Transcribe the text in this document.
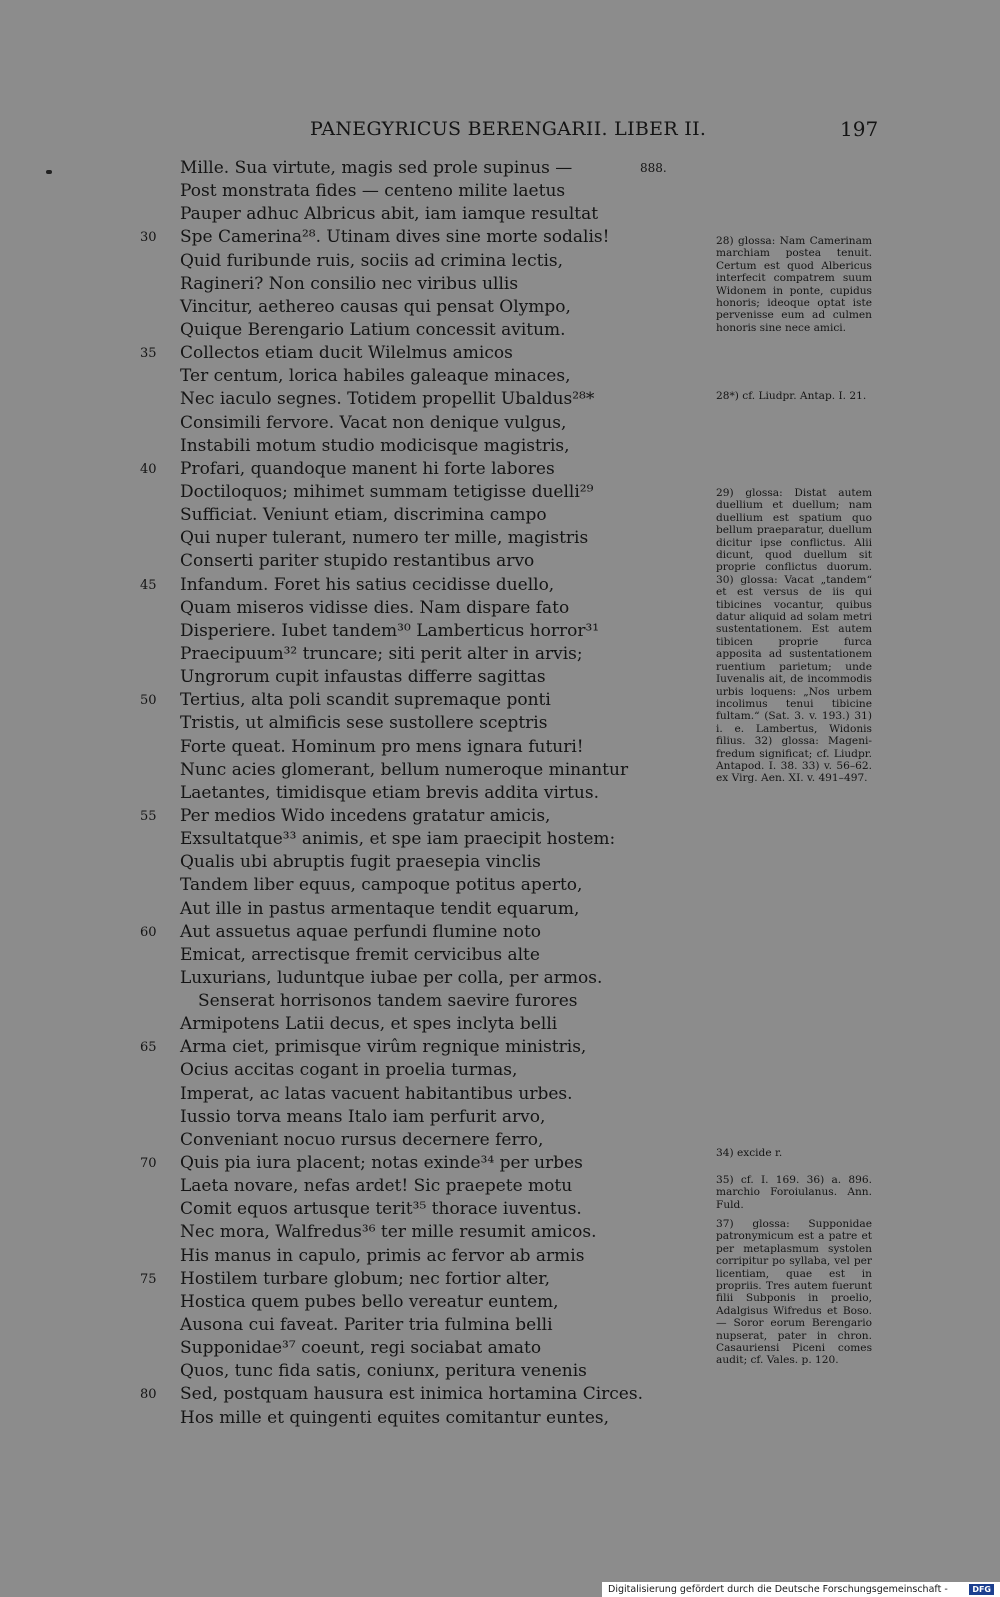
PANEGYRICUS BERENGARII. LIBER II.	197
Mille. Sua virtute, magis sed prole supinus —	888.
Post monstrata fides — centeno milite laetus
Pauper adhuc Albricus abit, iam iamque resultat
30	Spe Camerina²⁸. Utinam dives sine morte sodalis!
Quid furibunde ruis, sociis ad crimina lectis,
Ragineri? Non consilio nec viribus ullis
Vincitur, aethereo causas qui pensat Olympo,
Quique Berengario Latium concessit avitum.
35	Collectos etiam ducit Wilelmus amicos
Ter centum, lorica habiles galeaque minaces,
Nec iaculo segnes. Totidem propellit Ubaldus²⁸*
Consimili fervore. Vacat non denique vulgus,
Instabili motum studio modicisque magistris,
40	Profari, quandoque manent hi forte labores
Doctiloquos; mihimet summam tetigisse duelli²⁹
Sufficiat. Veniunt etiam, discrimina campo
Qui nuper tulerant, numero ter mille, magistris
Conserti pariter stupido restantibus arvo
45	Infandum. Foret his satius cecidisse duello,
Quam miseros vidisse dies. Nam dispare fato
Disperiere. Iubet tandem³⁰ Lamberticus horror³¹
Praecipuum³² truncare; siti perit alter in arvis;
Ungrorum cupit infaustas differre sagittas
50	Tertius, alta poli scandit supremaque ponti
Tristis, ut almificis sese sustollere sceptris
Forte queat. Hominum pro mens ignara futuri!
Nunc acies glomerant, bellum numeroque minantur
Laetantes, timidisque etiam brevis addita virtus.
55	Per medios Wido incedens gratatur amicis,
Exsultatque³³ animis, et spe iam praecipit hostem:
Qualis ubi abruptis fugit praesepia vinclis
Tandem liber equus, campoque potitus aperto,
Aut ille in pastus armentaque tendit equarum,
60	Aut assuetus aquae perfundi flumine noto
Emicat, arrectisque fremit cervicibus alte
Luxurians, luduntque iubae per colla, per armos.
Senserat horrisonos tandem saevire furores
Armipotens Latii decus, et spes inclyta belli
65	Arma ciet, primisque virûm regnique ministris,
Ocius accitas cogant in proelia turmas,
Imperat, ac latas vacuent habitantibus urbes.
Iussio torva means Italo iam perfurit arvo,
Conveniant nocuo rursus decernere ferro,
70	Quis pia iura placent; notas exinde³⁴ per urbes
Laeta novare, nefas ardet! Sic praepete motu
Comit equos artusque terit³⁵ thorace iuventus.
Nec mora, Walfredus³⁶ ter mille resumit amicos.
His manus in capulo, primis ac fervor ab armis
75	Hostilem turbare globum; nec fortior alter,
Hostica quem pubes bello vereatur euntem,
Ausona cui faveat. Pariter tria fulmina belli
Supponidae³⁷ coeunt, regi sociabat amato
Quos, tunc fida satis, coniunx, peritura venenis
80	Sed, postquam hausura est inimica hortamina Circes.
Hos mille et quingenti equites comitantur euntes,
28) glossa: Nam Camerinam marchiam postea tenuit. Certum est quod Albericus interfecit compatrem suum Widonem in ponte, cupidus honoris; ideoque optat iste pervenisse eum ad culmen honoris sine nece amici.
28*) cf. Liudpr. Antap. I. 21.
29) glossa: Distat autem duellium et duellum; nam duellium est spatium quo bellum praeparatur, duellum dicitur ipse conflictus. Alii dicunt, quod duellum sit proprie conflictus duorum. 30) glossa: Vacat „tandem“ et est versus de iis qui tibicines vocantur, quibus datur aliquid ad solam metri sustentationem. Est autem tibicen proprie furca apposita ad sustentationem ruentium parietum; unde Iuvenalis ait, de incommodis urbis loquens: „Nos urbem incolimus tenui tibicine fultam.“ (Sat. 3. v. 193.) 31) i. e. Lambertus, Widonis filius. 32) glossa: Magenifredum significat; cf. Liudpr. Antapod. I. 38. 33) v. 56–62. ex Virg. Aen. XI. v. 491–497.
34) excide r.
35) cf. I. 169. 36) a. 896. marchio Foroiulanus. Ann. Fuld.
37) glossa: Supponidae patronymicum est a patre et per metaplasmum systolen corripitur po syllaba, vel per licentiam, quae est in propriis. Tres autem fuerunt filii Subponis in proelio, Adalgisus Wifredus et Boso. — Soror eorum Berengario nupserat, pater in chron. Casauriensi Piceni comes audit; cf. Vales. p. 120.
Digitalisierung gefördert durch die Deutsche Forschungsgemeinschaft -	DFG
